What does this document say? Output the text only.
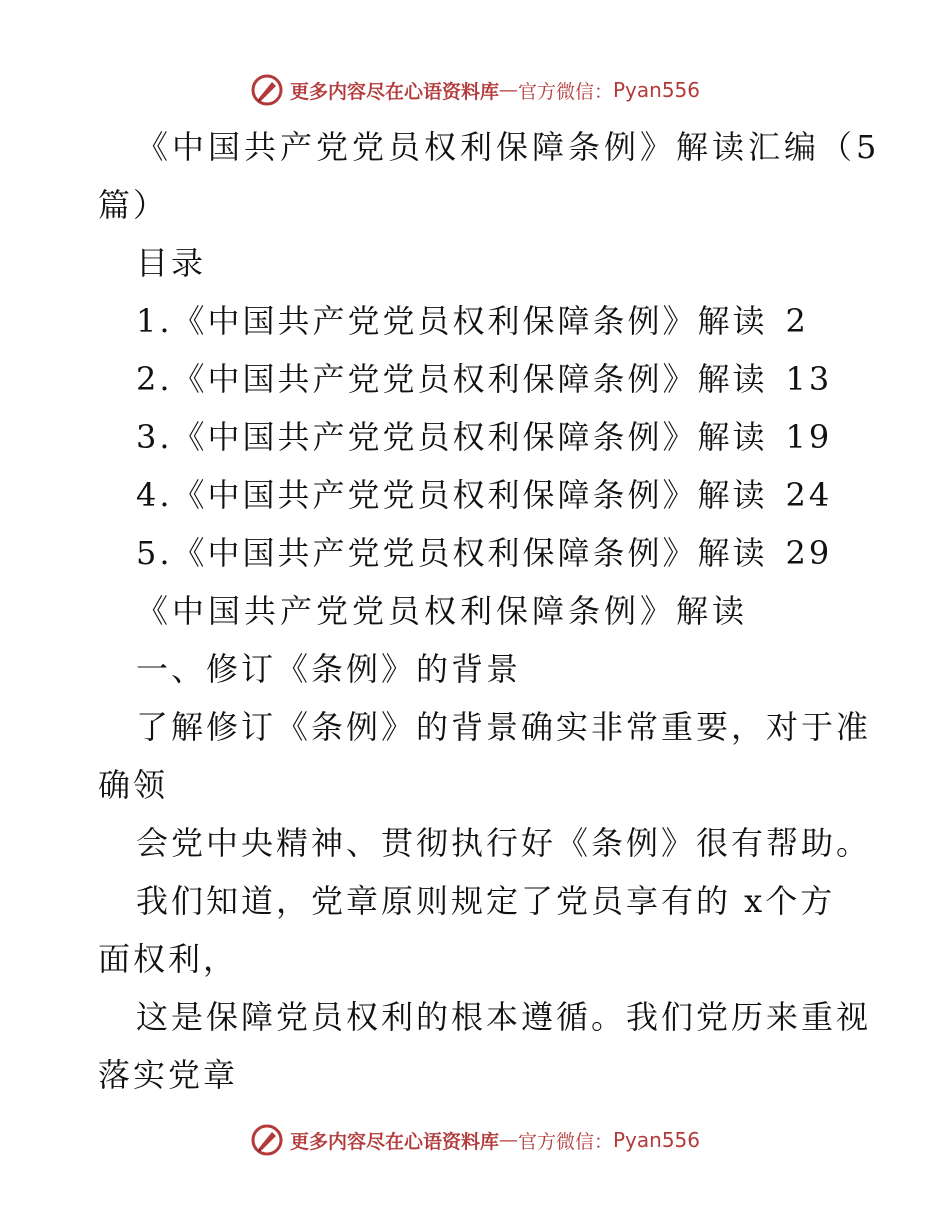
更多内容尽在心语资料库 — 官方微信： Pyan556
《中国共产党党员权利保障条例》解读汇编（5
篇）
目录
1. 《中国共产党党员权利保障条例》解读 2
2. 《中国共产党党员权利保障条例》解读 13
3. 《中国共产党党员权利保障条例》解读 19
4. 《中国共产党党员权利保障条例》解读 24
5. 《中国共产党党员权利保障条例》解读 29
《中国共产党党员权利保障条例》解读
一、修订《条例》的背景
了解修订《条例》的背景确实非常重要，对于准
确领
会党中央精神、贯彻执行好《条例》很有帮助。
我们知道，党章原则规定了党员享有的 x个方
面权利，
这是保障党员权利的根本遵循。我们党历来重视
落实党章
更多内容尽在心语资料库 — 官方微信： Pyan556
